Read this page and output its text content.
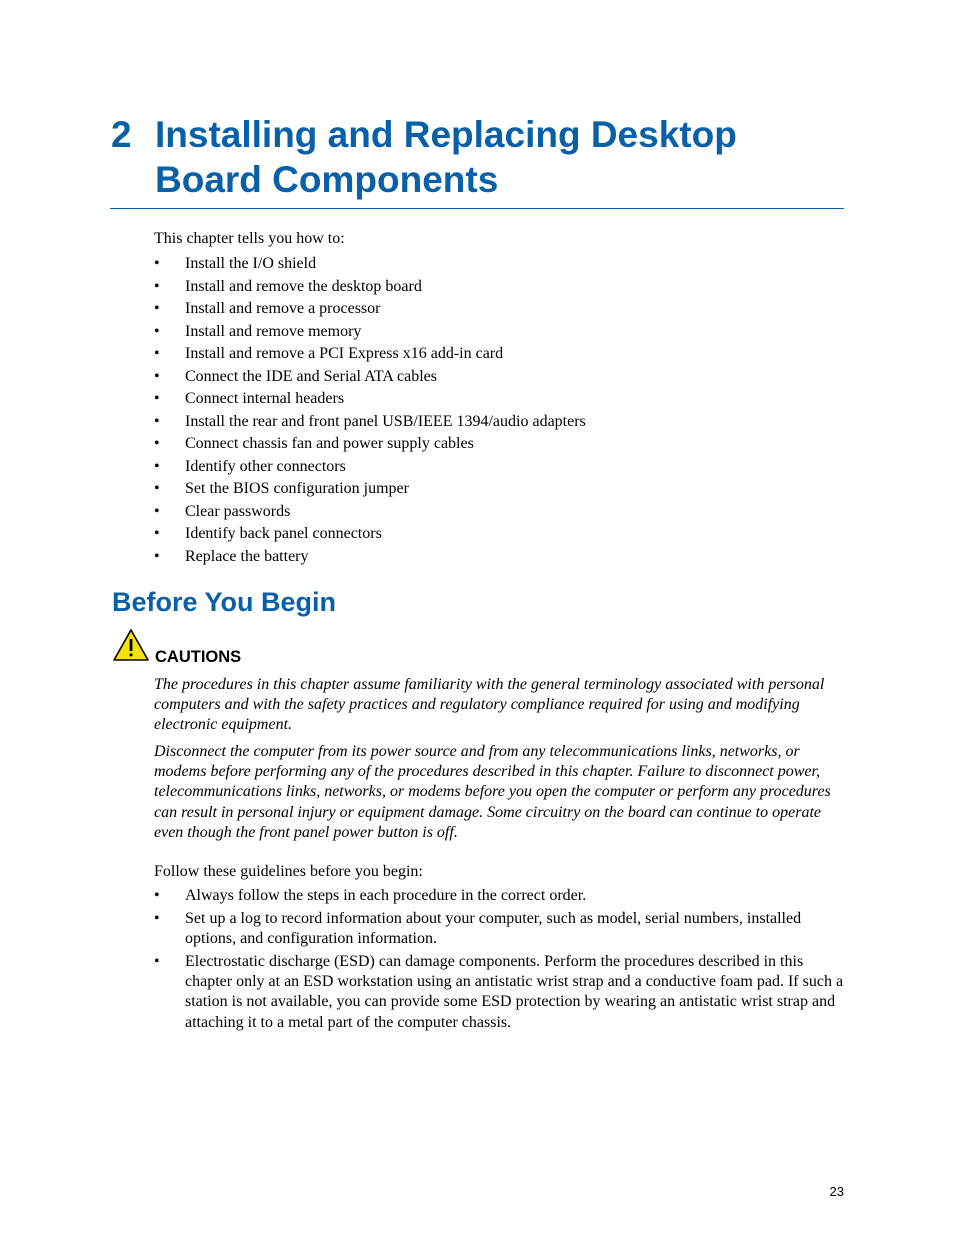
2 Installing and Replacing Desktop
Board Components

This chapter tells you how to:

•	Install the I/O shield
•	Install and remove the desktop board
•	Install and remove a processor
•	Install and remove memory
•	Install and remove a PCI Express x16 add-in card
•	Connect the IDE and Serial ATA cables
•	Connect internal headers
•	Install the rear and front panel USB/IEEE 1394/audio adapters
•	Connect chassis fan and power supply cables
•	Identify other connectors
•	Set the BIOS configuration jumper
•	Clear passwords
•	Identify back panel connectors
•	Replace the battery
Before You Begin

CAUTIONS

The procedures in this chapter assume familiarity with the general terminology associated with personal computers and with the safety practices and regulatory compliance required for using and modifying electronic equipment.

Disconnect the computer from its power source and from any telecommunications links, networks, or modems before performing any of the procedures described in this chapter. Failure to disconnect power, telecommunications links, networks, or modems before you open the computer or perform any procedures can result in personal injury or equipment damage. Some circuitry on the board can continue to operate even though the front panel power button is off.

Follow these guidelines before you begin:

•	Always follow the steps in each procedure in the correct order.
•	Set up a log to record information about your computer, such as model, serial numbers, installed options, and configuration information.
•	Electrostatic discharge (ESD) can damage components. Perform the procedures described in this chapter only at an ESD workstation using an antistatic wrist strap and a conductive foam pad. If such a station is not available, you can provide some ESD protection by wearing an antistatic wrist strap and attaching it to a metal part of the computer chassis.
23
